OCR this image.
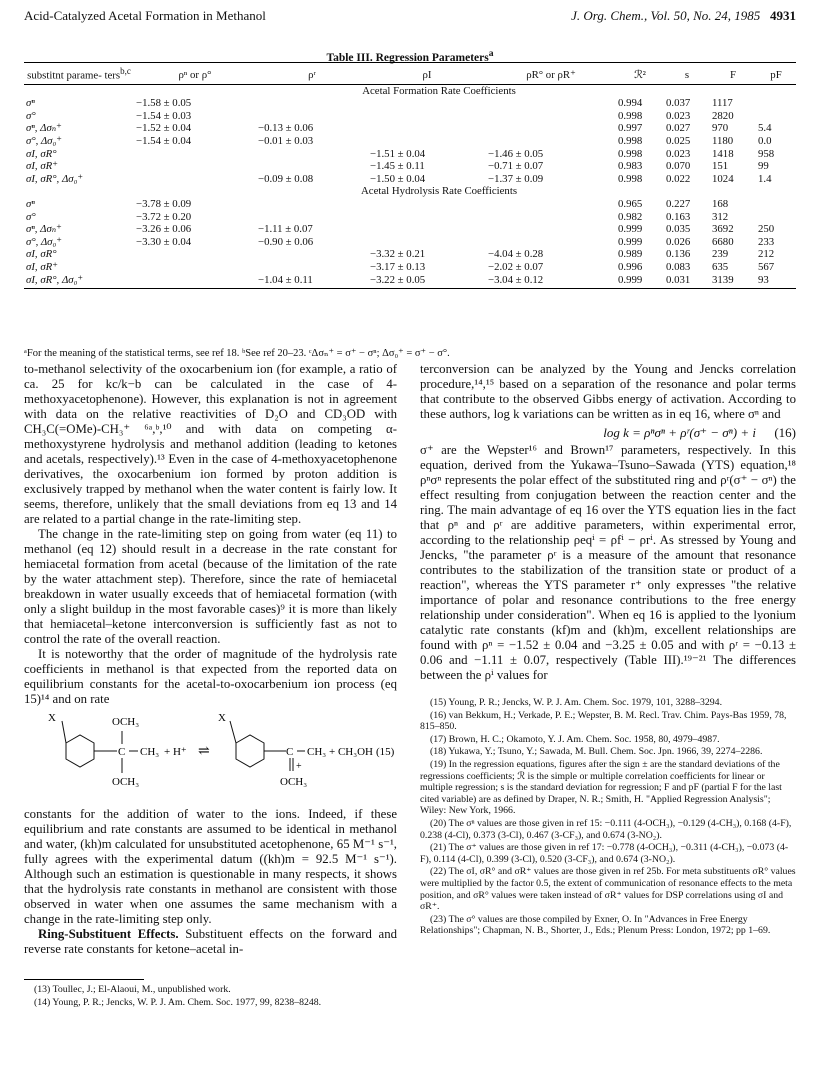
Acid-Catalyzed Acetal Formation in Methanol	J. Org. Chem., Vol. 50, No. 24, 1985 4931
Table III. Regression Parameters$^a$
substitnt parame- ters$^{b,c}$	ρⁿ or ρ°	ρʳ	ρI	ρR° or ρR⁺	ℛ²	s	F	pF
Acetal Formation Rate Coefficients								
σⁿ	−1.58 ± 0.05				0.994	0.037	1117	
σ°	−1.54 ± 0.03				0.998	0.023	2820	
σⁿ, Δσₙ⁺	−1.52 ± 0.04	−0.13 ± 0.06			0.997	0.027	970	5.4
σ°, Δσ₀⁺	−1.54 ± 0.04	−0.01 ± 0.03			0.998	0.025	1180	0.0
σI, σR°			−1.51 ± 0.04	−1.46 ± 0.05	0.998	0.023	1418	958
σI, σR⁺			−1.45 ± 0.11	−0.71 ± 0.07	0.983	0.070	151	99
σI, σR°, Δσ₀⁺		−0.09 ± 0.08	−1.50 ± 0.04	−1.37 ± 0.09	0.998	0.022	1024	1.4
Acetal Hydrolysis Rate Coefficients								
σⁿ	−3.78 ± 0.09				0.965	0.227	168	
σ°	−3.72 ± 0.20				0.982	0.163	312	
σⁿ, Δσₙ⁺	−3.26 ± 0.06	−1.11 ± 0.07			0.999	0.035	3692	250
σ°, Δσ₀⁺	−3.30 ± 0.04	−0.90 ± 0.06			0.999	0.026	6680	233
σI, σR°			−3.32 ± 0.21	−4.04 ± 0.28	0.989	0.136	239	212
σI, σR⁺			−3.17 ± 0.13	−2.02 ± 0.07	0.996	0.083	635	567
σI, σR°, Δσ₀⁺		−1.04 ± 0.11	−3.22 ± 0.05	−3.04 ± 0.12	0.999	0.031	3139	93
ᵃFor the meaning of the statistical terms, see ref 18. ᵇSee ref 20–23. ᶜΔσₙ⁺ = σ⁺ − σⁿ; Δσ₀⁺ = σ⁺ − σ°.

to-methanol selectivity of the oxocarbenium ion (for example, a ratio of ca. 25 for kc/k−b can be calculated in the case of 4-methoxyacetophenone). However, this explanation is not in agreement with data on the relative reactivities of D₂O and CD₃OD with CH₃C(=OMe)-CH₃⁺ ⁶ᵃ,ᵇ,¹⁰ and with data on competing α-methoxystyrene hydrolysis and methanol addition (leading to ketones and acetals, respectively).¹³ Even in the case of 4-methoxyacetophenone derivatives, the oxocarbenium ion formed by proton addition is exclusively trapped by methanol when the water content is fairly low. It seems, therefore, unlikely that the small deviations from eq 13 and 14 are related to a partial change in the rate-limiting step.

The change in the rate-limiting step on going from water (eq 11) to methanol (eq 12) should result in a decrease in the rate constant for hemiacetal formation from acetal (because of the limitation of the rate by the water attachment step). Therefore, since the rate of hemiacetal breakdown in water usually exceeds that of hemiacetal formation (with only a slight buildup in the most favorable cases)⁹ it is more than likely that hemiacetal–ketone interconversion is sufficiently fast as not to control the rate of the overall reaction.

It is noteworthy that the order of magnitude of the hydrolysis rate coefficients in methanol is that expected from the reported data on equilibrium constants for the acetal-to-oxocarbenium ion process (eq 15)¹⁴ and on rate

X	OCH₃
C CH₃
OCH₃
+ H⁺ ⇌
X
C CH₃
+
OCH₃
+ CH₃OH (15)

constants for the addition of water to the ions. Indeed, if these equilibrium and rate constants are assumed to be identical in methanol and water, (kh)m calculated for unsubstituted acetophenone, 65 M⁻¹ s⁻¹, fully agrees with the experimental datum ((kh)m = 92.5 M⁻¹ s⁻¹). Although such an estimation is questionable in many respects, it shows that the hydrolysis rate constants in methanol are consistent with those observed in water when one assumes the same mechanism with a change in the rate-limiting step only.

Ring-Substituent Effects. Substituent effects on the forward and reverse rate constants for ketone–acetal in-

(13) Toullec, J.; El-Alaoui, M., unpublished work.

(14) Young, P. R.; Jencks, W. P. J. Am. Chem. Soc. 1977, 99, 8238–8248.

terconversion can be analyzed by the Young and Jencks correlation procedure,¹⁴,¹⁵ based on a separation of the resonance and polar terms that contribute to the observed Gibbs energy of activation. According to these authors, log k variations can be written as in eq 16, where σⁿ and

log k = ρⁿσⁿ + ρʳ(σ⁺ − σⁿ) + i (16)

σ⁺ are the Wepster¹⁶ and Brown¹⁷ parameters, respectively. In this equation, derived from the Yukawa–Tsuno–Sawada (YTS) equation,¹⁸ ρⁿσⁿ represents the polar effect of the substituted ring and ρʳ(σ⁺ − σⁿ) the effect resulting from conjugation between the reaction center and the ring. The main advantage of eq 16 over the YTS equation lies in the fact that ρⁿ and ρʳ are additive parameters, within experimental error, according to the relationship ρeqⁱ = ρfⁱ − ρrⁱ. As stressed by Young and Jencks, "the parameter ρʳ is a measure of the amount that resonance contributes to the stabilization of the transition state or product of a reaction", whereas the YTS parameter r⁺ only expresses "the relative importance of polar and resonance contributions to the free energy relationship under consideration". When eq 16 is applied to the lyonium catalytic rate constants (kf)m and (kh)m, excellent relationships are found with ρⁿ = −1.52 ± 0.04 and −3.25 ± 0.05 and with ρʳ = −0.13 ± 0.06 and −1.11 ± 0.07, respectively (Table III).¹⁹⁻²¹ The differences between the ρⁱ values for

(15) Young, P. R.; Jencks, W. P. J. Am. Chem. Soc. 1979, 101, 3288–3294.

(16) van Bekkum, H.; Verkade, P. E.; Wepster, B. M. Recl. Trav. Chim. Pays-Bas 1959, 78, 815–850.

(17) Brown, H. C.; Okamoto, Y. J. Am. Chem. Soc. 1958, 80, 4979–4987.

(18) Yukawa, Y.; Tsuno, Y.; Sawada, M. Bull. Chem. Soc. Jpn. 1966, 39, 2274–2286.

(19) In the regression equations, figures after the sign ± are the standard deviations of the regressions coefficients; ℛ is the simple or multiple correlation coefficients for linear or multiple regression; s is the standard deviation for regression; F and pF (partial F for the last cited variable) are as defined by Draper, N. R.; Smith, H. "Applied Regression Analysis"; Wiley: New York, 1966.

(20) The σⁿ values are those given in ref 15: −0.111 (4-OCH₃), −0.129 (4-CH₃), 0.168 (4-F), 0.238 (4-Cl), 0.373 (3-Cl), 0.467 (3-CF₃), and 0.674 (3-NO₂).

(21) The σ⁺ values are those given in ref 17: −0.778 (4-OCH₃), −0.311 (4-CH₃), −0.073 (4-F), 0.114 (4-Cl), 0.399 (3-Cl), 0.520 (3-CF₃), and 0.674 (3-NO₂).

(22) The σI, σR° and σR⁺ values are those given in ref 25b. For meta substituents σR° values were multiplied by the factor 0.5, the extent of communication of resonance effects to the meta position, and σR° values were taken instead of σR⁺ values for DSP correlations using σI and σR⁺.

(23) The σ° values are those compiled by Exner, O. In "Advances in Free Energy Relationships"; Chapman, N. B., Shorter, J., Eds.; Plenum Press: London, 1972; pp 1–69.
